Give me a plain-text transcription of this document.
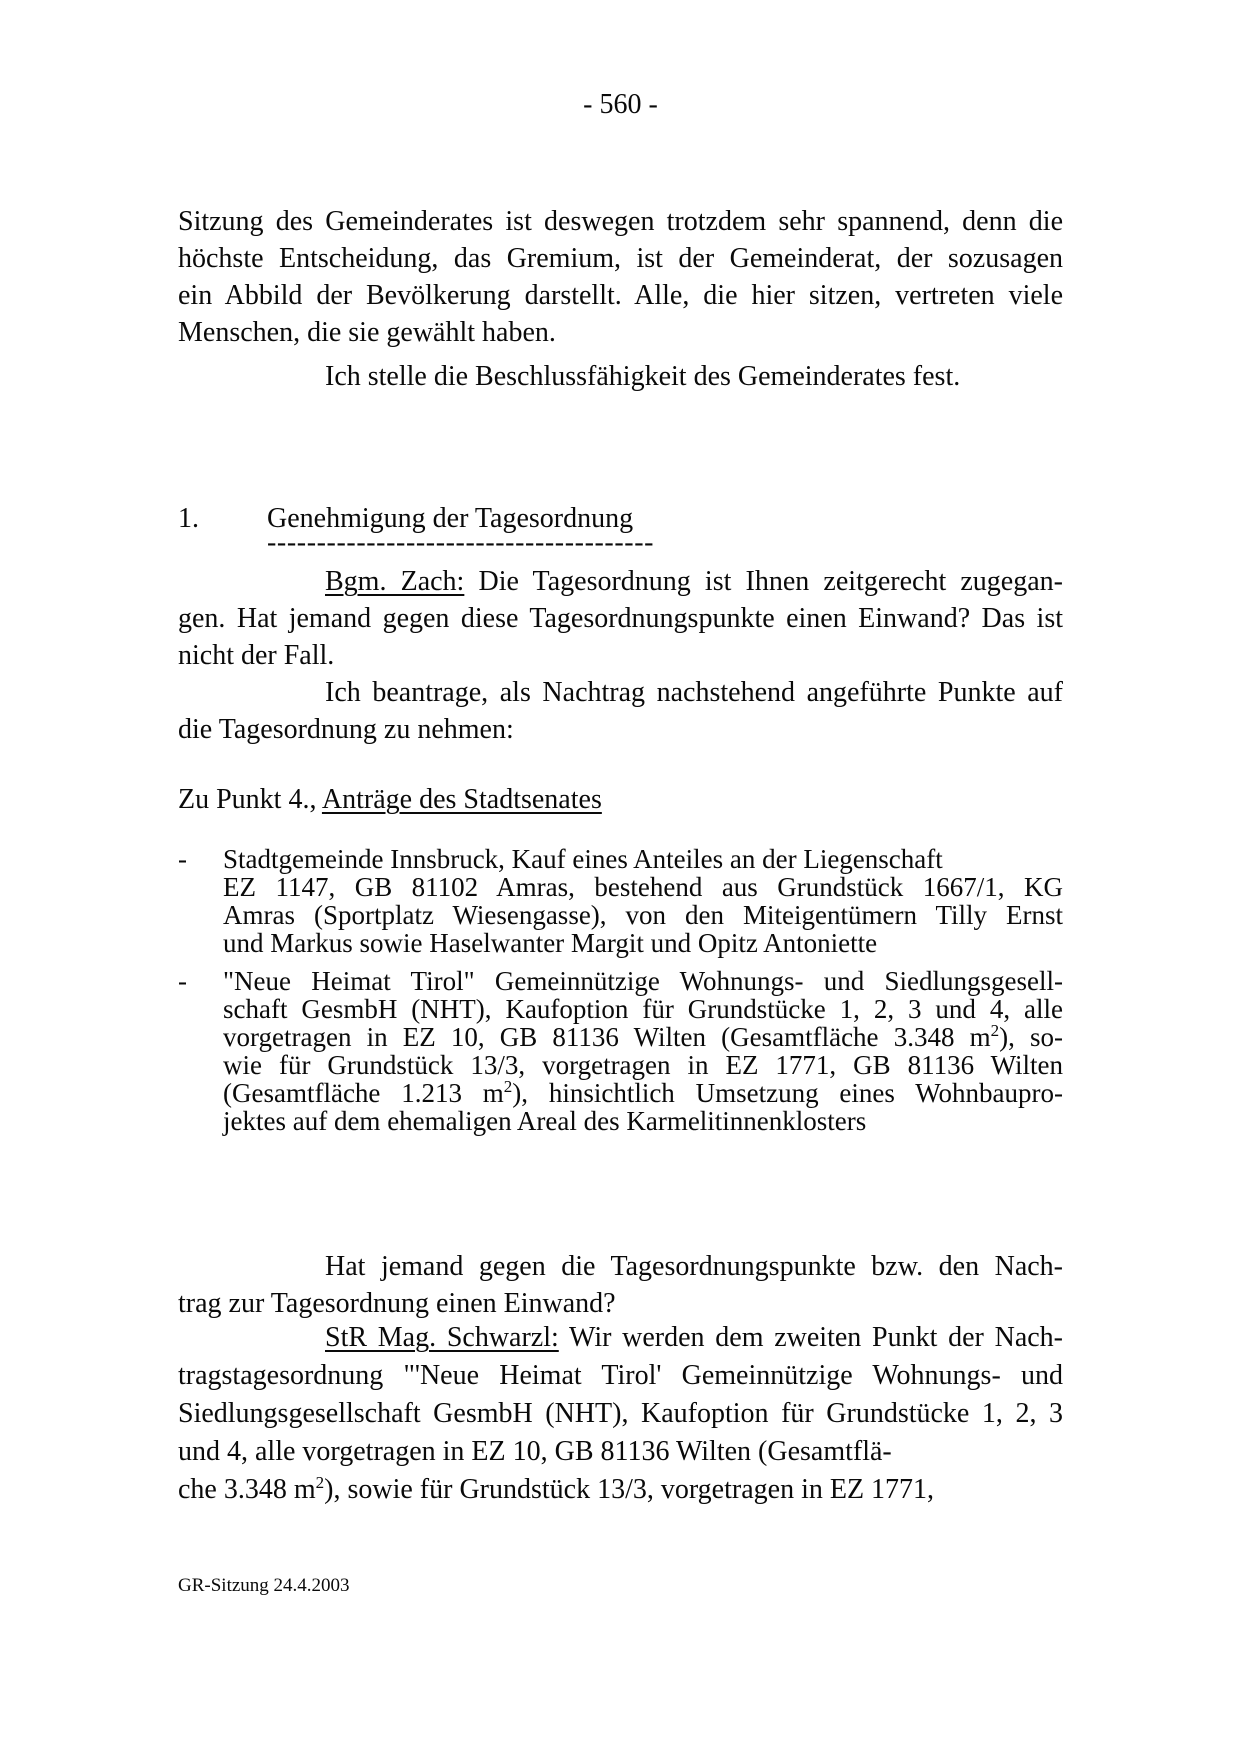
- 560 -
Sitzung des Gemeinderates ist deswegen trotzdem sehr spannend, denn die
höchste Entscheidung, das Gremium, ist der Gemeinderat, der sozusagen
ein Abbild der Bevölkerung darstellt. Alle, die hier sitzen, vertreten viele
Menschen, die sie gewählt haben.
Ich stelle die Beschlussfähigkeit des Gemeinderates fest.
1.	Genehmigung der Tagesordnung
---------------------------------------
Bgm. Zach: Die Tagesordnung ist Ihnen zeitgerecht zugegan-
gen. Hat jemand gegen diese Tagesordnungspunkte einen Einwand? Das ist
nicht der Fall.
Ich beantrage, als Nachtrag nachstehend angeführte Punkte auf
die Tagesordnung zu nehmen:
Zu Punkt 4., Anträge des Stadtsenates
-	Stadtgemeinde Innsbruck, Kauf eines Anteiles an der Liegenschaft
EZ 1147, GB 81102 Amras, bestehend aus Grundstück 1667/1, KG
Amras (Sportplatz Wiesengasse), von den Miteigentümern Tilly Ernst
und Markus sowie Haselwanter Margit und Opitz Antoniette
-	"Neue Heimat Tirol" Gemeinnützige Wohnungs- und Siedlungsgesell-
schaft GesmbH (NHT), Kaufoption für Grundstücke 1, 2, 3 und 4, alle
vorgetragen in EZ 10, GB 81136 Wilten (Gesamtfläche 3.348 $m^2$), so-
wie für Grundstück 13/3, vorgetragen in EZ 1771, GB 81136 Wilten
(Gesamtfläche 1.213 $m^2$), hinsichtlich Umsetzung eines Wohnbaupro-
jektes auf dem ehemaligen Areal des Karmelitinnenklosters
Hat jemand gegen die Tagesordnungspunkte bzw. den Nach-
trag zur Tagesordnung einen Einwand?
StR Mag. Schwarzl: Wir werden dem zweiten Punkt der Nach-
tragstagesordnung "'Neue Heimat Tirol' Gemeinnützige Wohnungs- und
Siedlungsgesellschaft GesmbH (NHT), Kaufoption für Grundstücke 1, 2, 3
und 4, alle vorgetragen in EZ 10, GB 81136 Wilten (Gesamtflä-
che 3.348 $m^2$), sowie für Grundstück 13/3, vorgetragen in EZ 1771,
GR-Sitzung 24.4.2003
